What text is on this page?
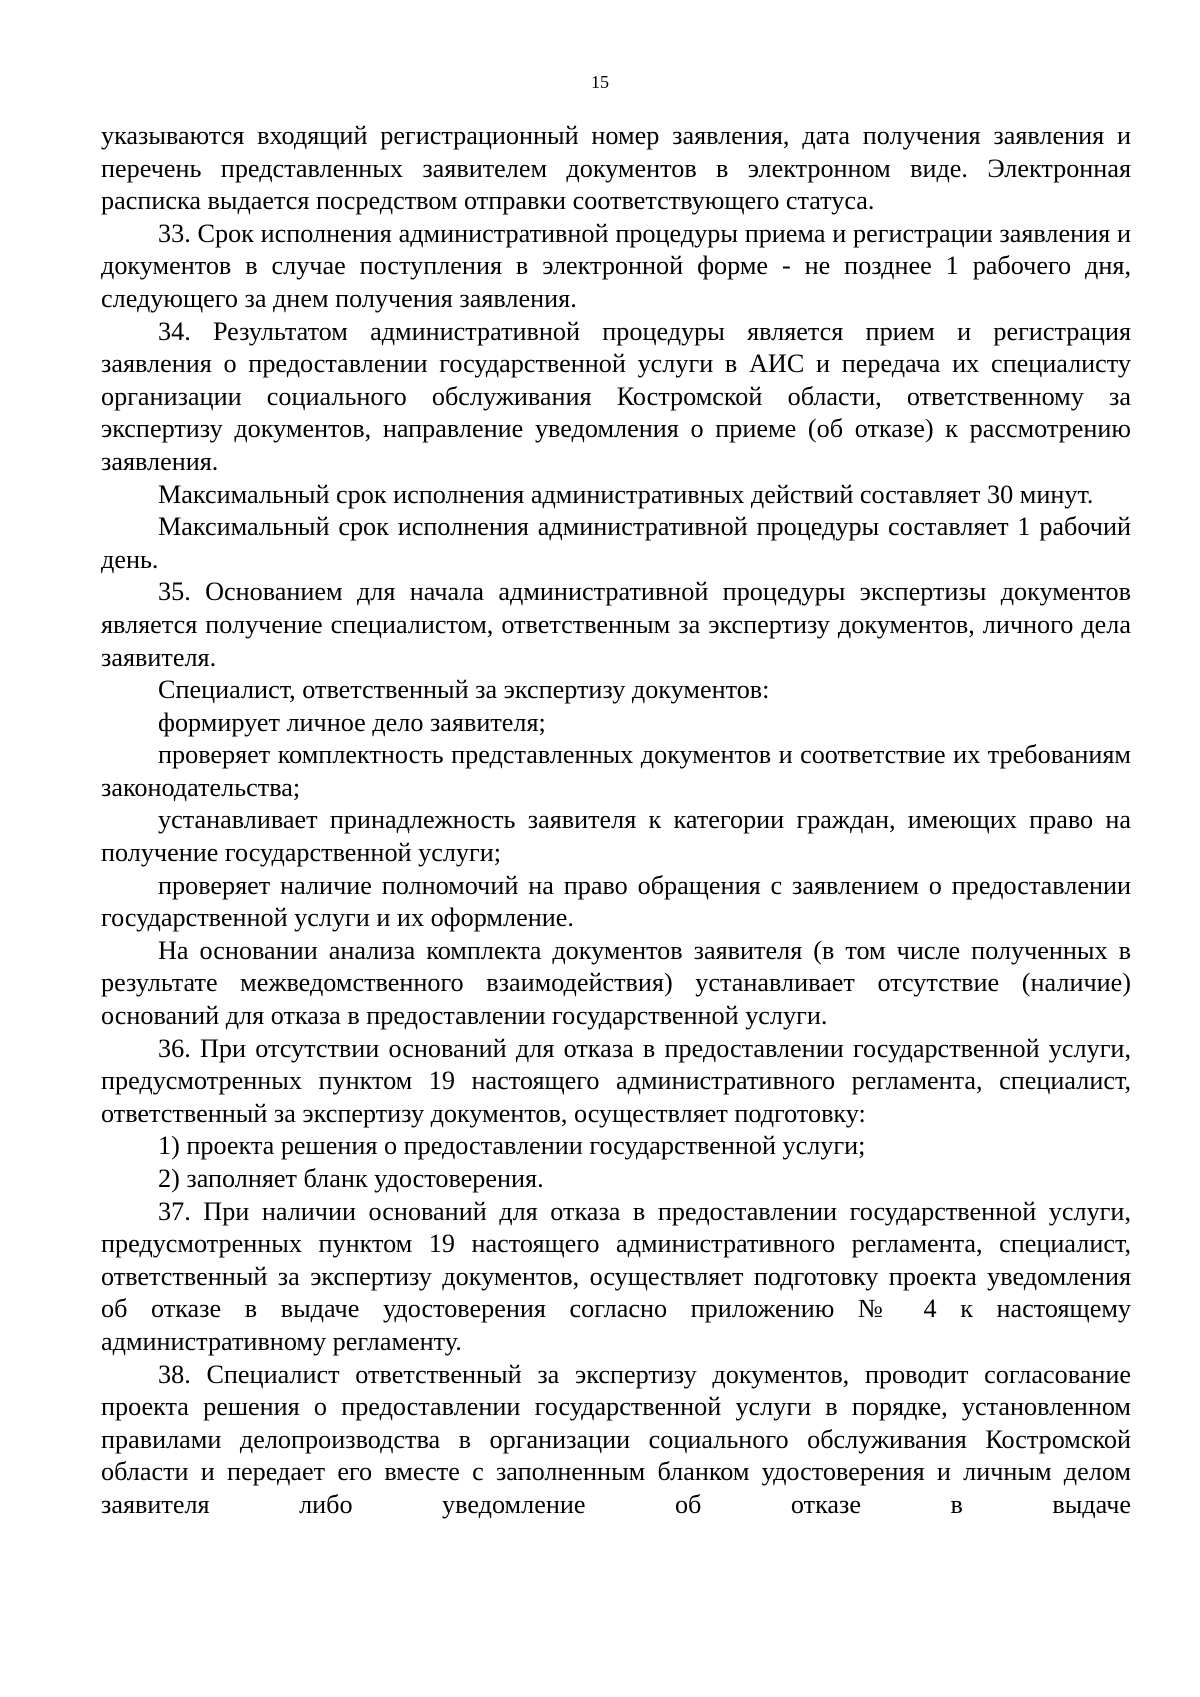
15

указываются входящий регистрационный номер заявления, дата получения заявления и перечень представленных заявителем документов в электронном виде. Электронная расписка выдается посредством отправки соответствующего статуса.

33. Срок исполнения административной процедуры приема и регистрации заявления и документов в случае поступления в электронной форме - не позднее 1 рабочего дня, следующего за днем получения заявления.

34. Результатом административной процедуры является прием и регистрация заявления о предоставлении государственной услуги в АИС и передача их специалисту организации социального обслуживания Костромской области, ответственному за экспертизу документов, направление уведомления о приеме (об отказе) к рассмотрению заявления.

Максимальный срок исполнения административных действий составляет 30 минут.

Максимальный срок исполнения административной процедуры составляет 1 рабочий день.

35. Основанием для начала административной процедуры экспертизы документов является получение специалистом, ответственным за экспертизу документов, личного дела заявителя.

Специалист, ответственный за экспертизу документов:

формирует личное дело заявителя;

проверяет комплектность представленных документов и соответствие их требованиям законодательства;

устанавливает принадлежность заявителя к категории граждан, имеющих право на получение государственной услуги;

проверяет наличие полномочий на право обращения с заявлением о предоставлении государственной услуги и их оформление.

На основании анализа комплекта документов заявителя (в том числе полученных в результате межведомственного взаимодействия) устанавливает отсутствие (наличие) оснований для отказа в предоставлении государственной услуги.

36. При отсутствии оснований для отказа в предоставлении государственной услуги, предусмотренных пунктом 19 настоящего административного регламента, специалист, ответственный за экспертизу документов, осуществляет подготовку:

1) проекта решения о предоставлении государственной услуги;

2) заполняет бланк удостоверения.

37. При наличии оснований для отказа в предоставлении государственной услуги, предусмотренных пунктом 19 настоящего административного регламента, специалист, ответственный за экспертизу документов, осуществляет подготовку проекта уведомления об отказе в выдаче удостоверения согласно приложению № 4 к настоящему административному регламенту.

38. Специалист ответственный за экспертизу документов, проводит согласование проекта решения о предоставлении государственной услуги в порядке, установленном правилами делопроизводства в организации социального обслуживания Костромской области и передает его вместе с заполненным бланком удостоверения и личным делом заявителя либо уведомление об отказе в выдаче
